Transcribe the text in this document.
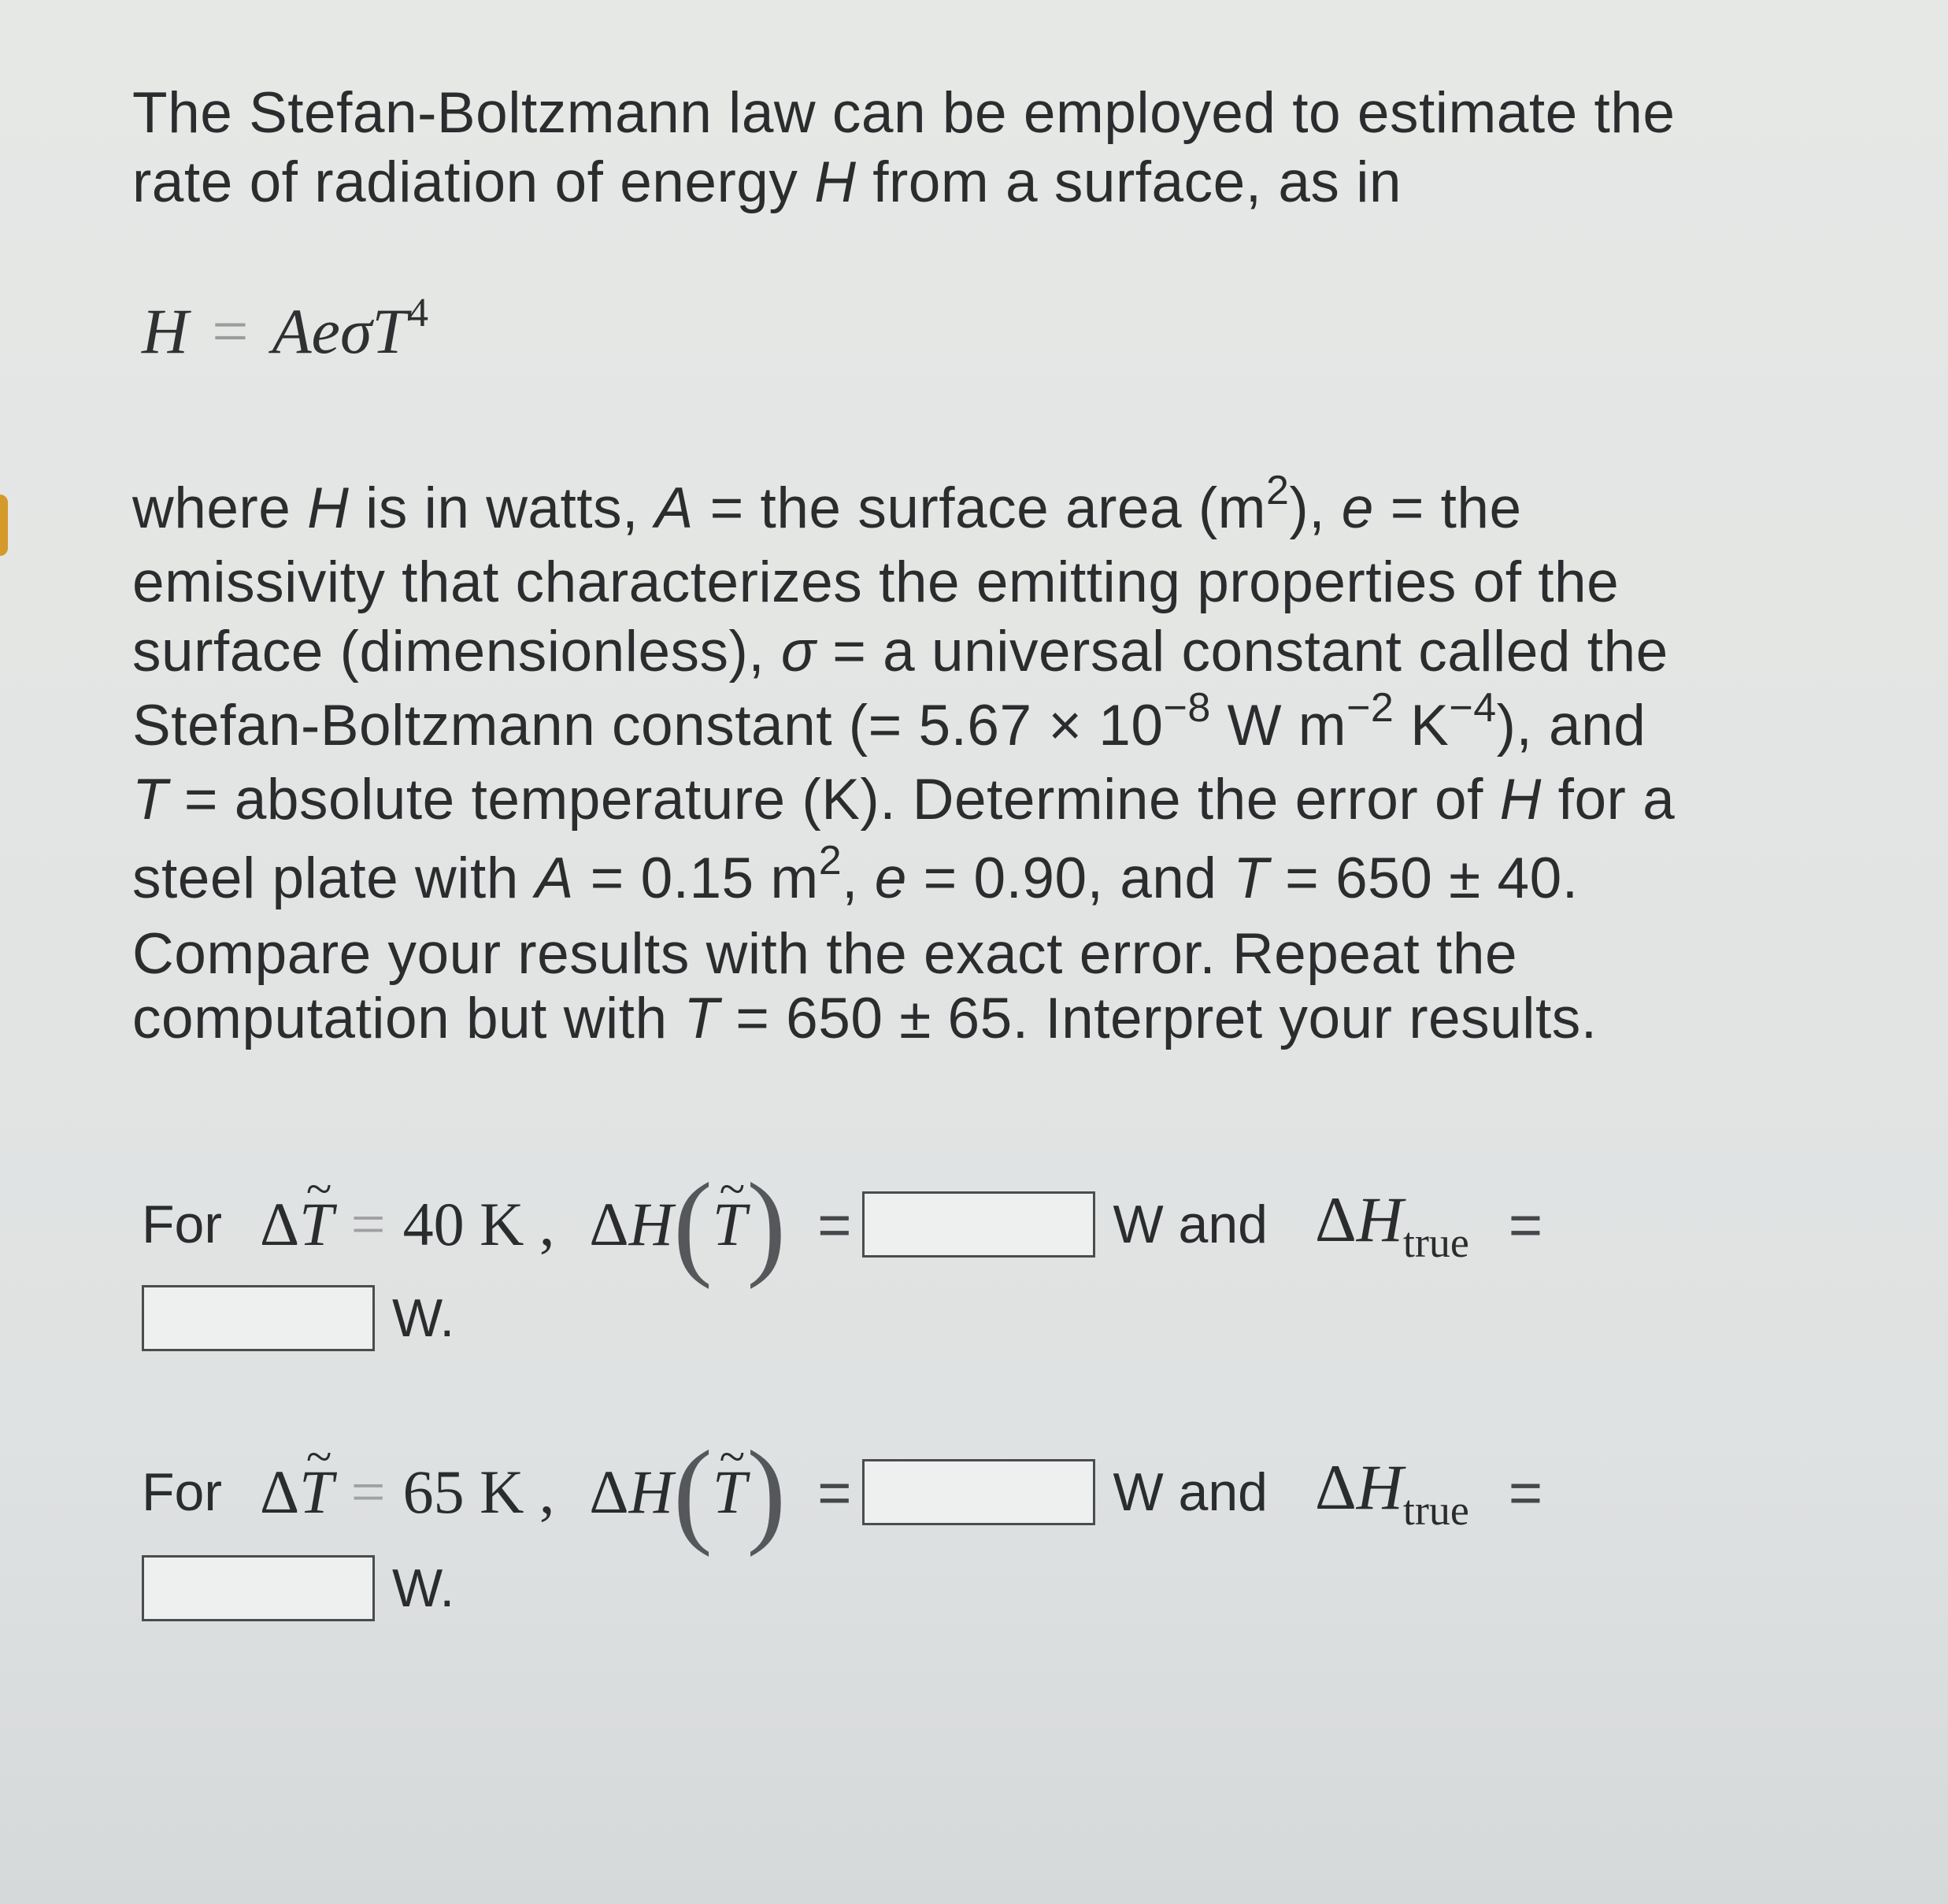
The Stefan-Boltzmann law can be employed to estimate the
rate of radiation of energy H from a surface, as in
H = AeσT$^4$
where H is in watts, A = the surface area $(m^2)$, e = the
emissivity that characterizes the emitting properties of the
surface (dimensionless), σ = a universal constant called the
Stefan-Boltzmann constant (= $5.67 \times 10^{-8}$ W $m^{-2}$ $K^{-4}$), and
T = absolute temperature (K). Determine the error of H for a
steel plate with A = 0.15 $m^2$, e = 0.90, and T = 650 ± 40.
Compare your results with the exact error. Repeat the
computation but with T = 650 ± 65. Interpret your results.
For Δ~ T = 40 K , ΔH ( ~ T ) =	W and $\Delta H_{true}$ =
W.
For Δ~ T = 65 K , ΔH ( ~ T ) =	W and $\Delta H_{true}$ =
W.
